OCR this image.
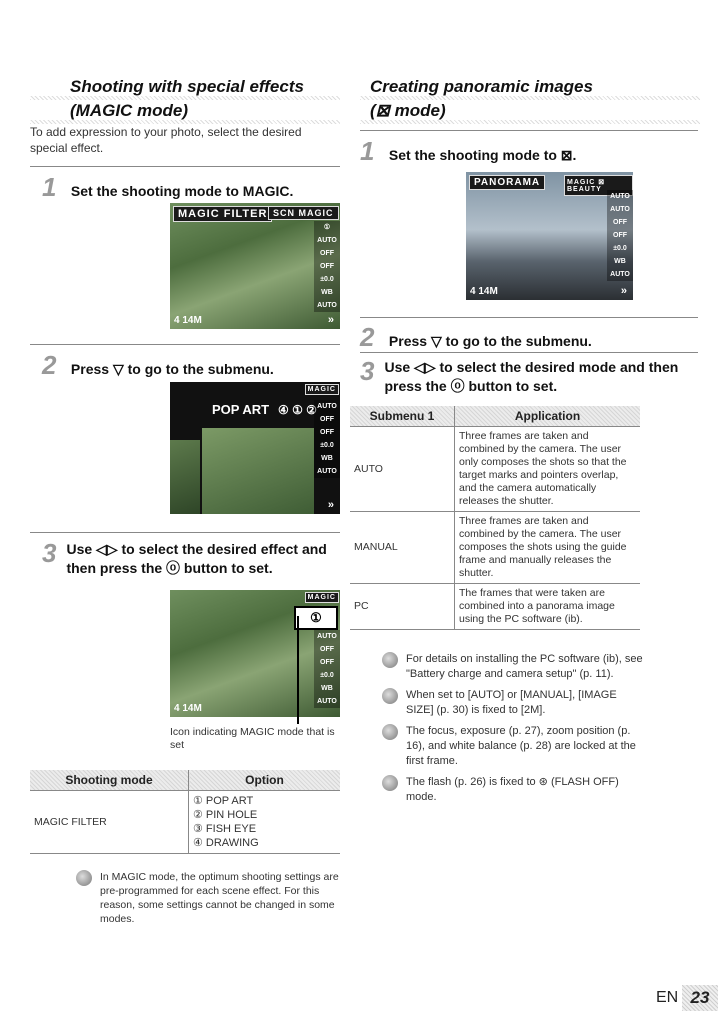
Shooting with special effects
(MAGIC mode)
To add expression to your photo, select the desired special effect.
1 Set the shooting mode to MAGIC.
MAGIC FILTER SCN MAGIC
①
AUTO
OFF
OFF
±0.0
WB AUTO
4 14M	»
2 Press ▽ to go to the submenu.
POP ART ④ ① ②
MAGIC
AUTO
OFF
OFF
±0.0
WB AUTO
»
3 Use ◁▷ to select the desired effect and then press the ⓞ button to set.
MAGIC
①
AUTO
OFF
OFF
±0.0
WB AUTO
4 14M
Icon indicating MAGIC mode that is set
Shooting mode	Option
MAGIC FILTER	① POP ART
② PIN HOLE
③ FISH EYE
④ DRAWING
In MAGIC mode, the optimum shooting settings are pre-programmed for each scene effect. For this reason, some settings cannot be changed in some modes.
Creating panoramic images
(⊠ mode)
1 Set the shooting mode to ⊠.
PANORAMA	MAGIC ⊠ BEAUTY
AUTO
AUTO
OFF
OFF
±0.0
WB AUTO
4 14M	»
2 Press ▽ to go to the submenu.
3 Use ◁▷ to select the desired mode and then press the ⓞ button to set.
Submenu 1	Application
AUTO	Three frames are taken and combined by the camera. The user only composes the shots so that the target marks and pointers overlap, and the camera automatically releases the shutter.
MANUAL	Three frames are taken and combined by the camera. The user composes the shots using the guide frame and manually releases the shutter.
PC	The frames that were taken are combined into a panorama image using the PC software (ib).
For details on installing the PC software (ib), see "Battery charge and camera setup" (p. 11).
When set to [AUTO] or [MANUAL], [IMAGE SIZE] (p. 30) is fixed to [2M].
The focus, exposure (p. 27), zoom position (p. 16), and white balance (p. 28) are locked at the first frame.
The flash (p. 26) is fixed to ⊛ (FLASH OFF) mode.
EN 23
